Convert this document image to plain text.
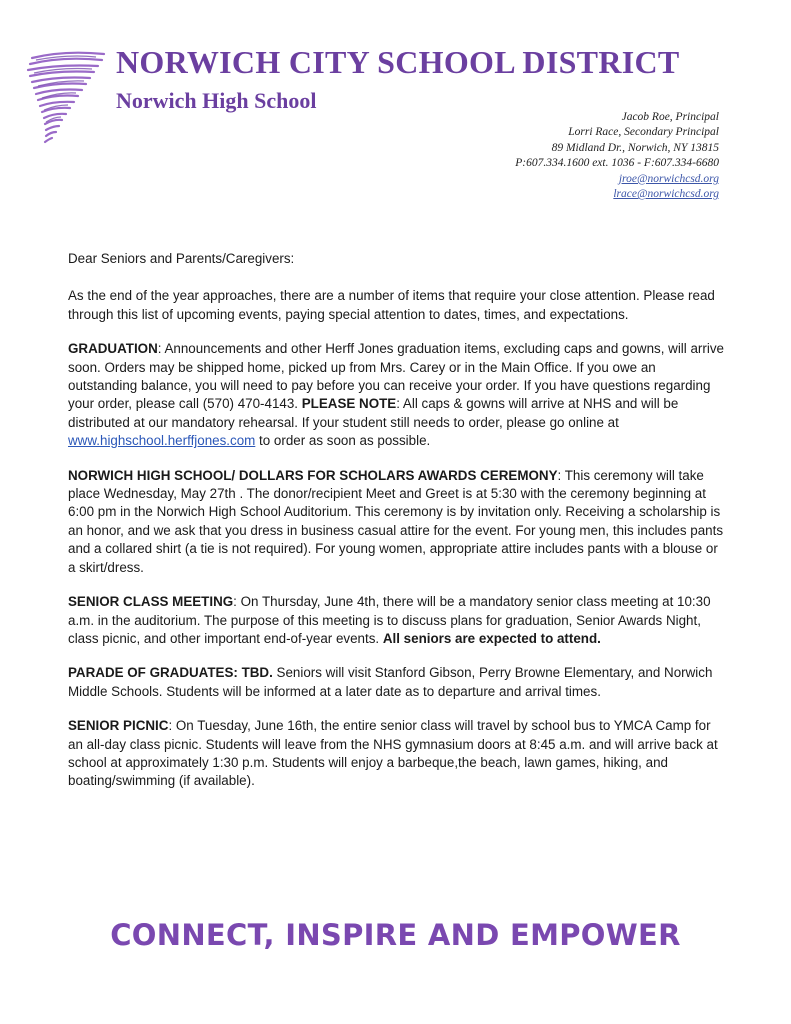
NORWICH CITY SCHOOL DISTRICT
Norwich High School
Jacob Roe, Principal
Lorri Race, Secondary Principal
89 Midland Dr., Norwich, NY 13815
P:607.334.1600 ext. 1036 - F:607.334-6680
jroe@norwichcsd.org
lrace@norwichcsd.org

Dear Seniors and Parents/Caregivers:

As the end of the year approaches, there are a number of items that require your close attention. Please read through this list of upcoming events, paying special attention to dates, times, and expectations.

GRADUATION: Announcements and other Herff Jones graduation items, excluding caps and gowns, will arrive soon. Orders may be shipped home, picked up from Mrs. Carey or in the Main Office. If you owe an outstanding balance, you will need to pay before you can receive your order. If you have questions regarding your order, please call (570) 470-4143. PLEASE NOTE: All caps & gowns will arrive at NHS and will be distributed at our mandatory rehearsal. If your student still needs to order, please go online at www.highschool.herffjones.com to order as soon as possible.

NORWICH HIGH SCHOOL/ DOLLARS FOR SCHOLARS AWARDS CEREMONY: This ceremony will take place Wednesday, May 27th . The donor/recipient Meet and Greet is at 5:30 with the ceremony beginning at 6:00 pm in the Norwich High School Auditorium. This ceremony is by invitation only. Receiving a scholarship is an honor, and we ask that you dress in business casual attire for the event. For young men, this includes pants and a collared shirt (a tie is not required). For young women, appropriate attire includes pants with a blouse or a skirt/dress.

SENIOR CLASS MEETING: On Thursday, June 4th, there will be a mandatory senior class meeting at 10:30 a.m. in the auditorium. The purpose of this meeting is to discuss plans for graduation, Senior Awards Night, class picnic, and other important end-of-year events. All seniors are expected to attend.

PARADE OF GRADUATES: TBD. Seniors will visit Stanford Gibson, Perry Browne Elementary, and Norwich Middle Schools. Students will be informed at a later date as to departure and arrival times.

SENIOR PICNIC: On Tuesday, June 16th, the entire senior class will travel by school bus to YMCA Camp for an all-day class picnic. Students will leave from the NHS gymnasium doors at 8:45 a.m. and will arrive back at school at approximately 1:30 p.m. Students will enjoy a barbeque,the beach, lawn games, hiking, and boating/swimming (if available).

CONNECT, INSPIRE AND EMPOWER
